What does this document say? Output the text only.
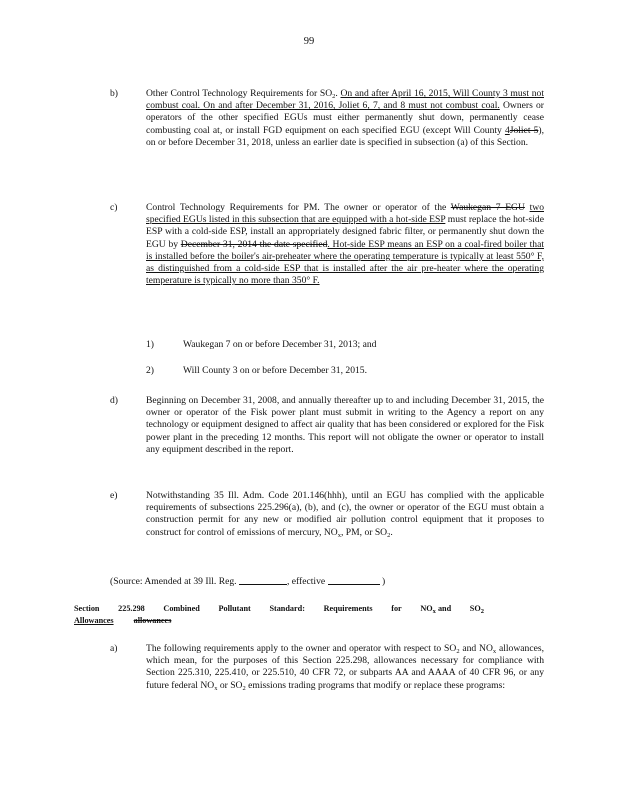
99
b)	Other Control Technology Requirements for $SO_2$. On and after April 16, 2015, Will County 3 must not combust coal. On and after December 31, 2016, Joliet 6, 7, and 8 must not combust coal. Owners or operators of the other specified EGUs must either permanently shut down, permanently cease combusting coal at, or install FGD equipment on each specified EGU (except Will County 4Joliet 5), on or before December 31, 2018, unless an earlier date is specified in subsection (a) of this Section.
c)	Control Technology Requirements for PM. The owner or operator of the Waukegan 7 EGU two specified EGUs listed in this subsection that are equipped with a hot-side ESP must replace the hot-side ESP with a cold-side ESP, install an appropriately designed fabric filter, or permanently shut down the EGU by December 31, 2014 the date specified. Hot-side ESP means an ESP on a coal-fired boiler that is installed before the boiler's air-preheater where the operating temperature is typically at least 550° F, as distinguished from a cold-side ESP that is installed after the air pre-heater where the operating temperature is typically no more than 350° F.
1)	Waukegan 7 on or before December 31, 2013; and
2)	Will County 3 on or before December 31, 2015.
d)	Beginning on December 31, 2008, and annually thereafter up to and including December 31, 2015, the owner or operator of the Fisk power plant must submit in writing to the Agency a report on any technology or equipment designed to affect air quality that has been considered or explored for the Fisk power plant in the preceding 12 months. This report will not obligate the owner or operator to install any equipment described in the report.
e)	Notwithstanding 35 Ill. Adm. Code 201.146(hhh), until an EGU has complied with the applicable requirements of subsections 225.296(a), (b), and (c), the owner or operator of the EGU must obtain a construction permit for any new or modified air pollution control equipment that it proposes to construct for control of emissions of mercury, $NO_x$, PM, or $SO_2$.
(Source: Amended at 39 Ill. Reg.	, effective	)
Section 225.298 Combined Pollutant Standard: Requirements for $NO_x$ and $SO_2$
Allowances allowances
a)	The following requirements apply to the owner and operator with respect to $SO_2$ and $NO_x$ allowances, which mean, for the purposes of this Section 225.298, allowances necessary for compliance with Section 225.310, 225.410, or 225.510, 40 CFR 72, or subparts AA and AAAA of 40 CFR 96, or any future federal $NO_x$ or $SO_2$ emissions trading programs that modify or replace these programs:
